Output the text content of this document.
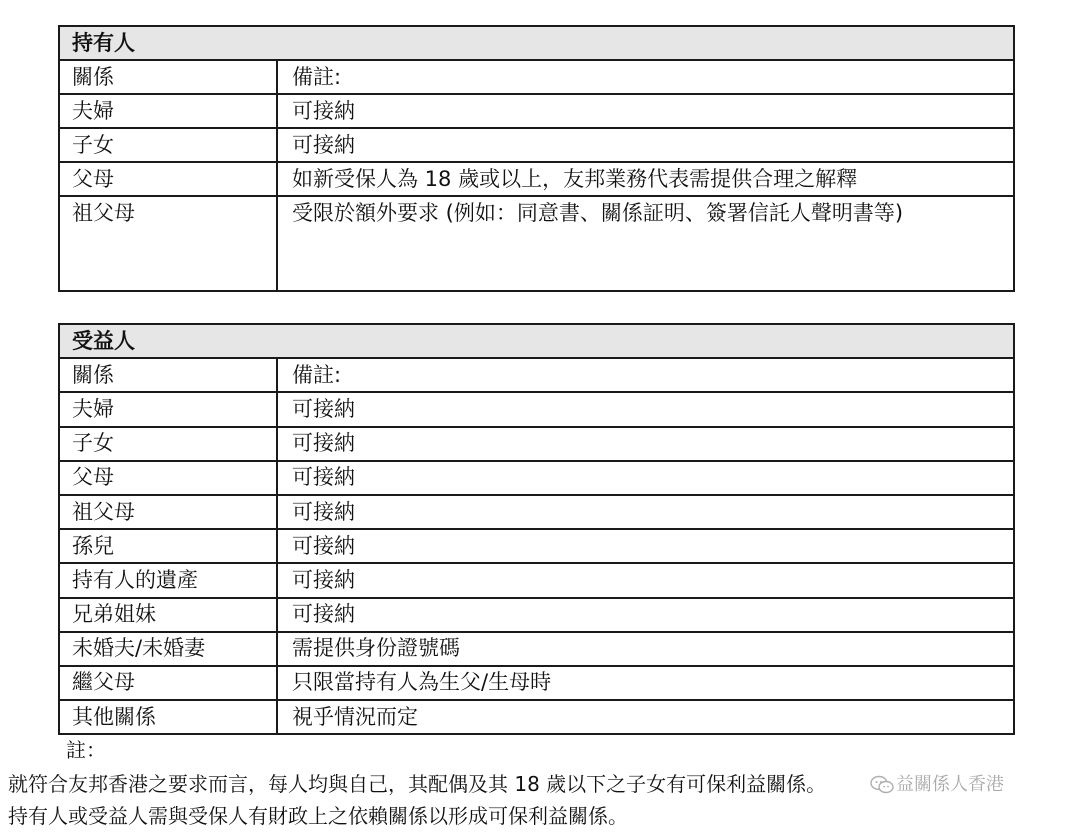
持有人	
關係	備註:
夫婦	可接納
子女	可接納
父母	如新受保人為 18 歲或以上，友邦業務代表需提供合理之解釋
祖父母	受限於額外要求 (例如：同意書、關係証明、簽署信託人聲明書等)
受益人	
關係	備註:
夫婦	可接納
子女	可接納
父母	可接納
祖父母	可接納
孫兒	可接納
持有人的遺產	可接納
兄弟姐妹	可接納
未婚夫/未婚妻	需提供身份證號碼
繼父母	只限當持有人為生父/生母時
其他關係	視乎情況而定
註：

就符合友邦香港之要求而言，每人均與自己，其配偶及其 18 歲以下之子女有可保利益關係。

持有人或受益人需與受保人有財政上之依賴關係以形成可保利益關係。

益關係人香港
